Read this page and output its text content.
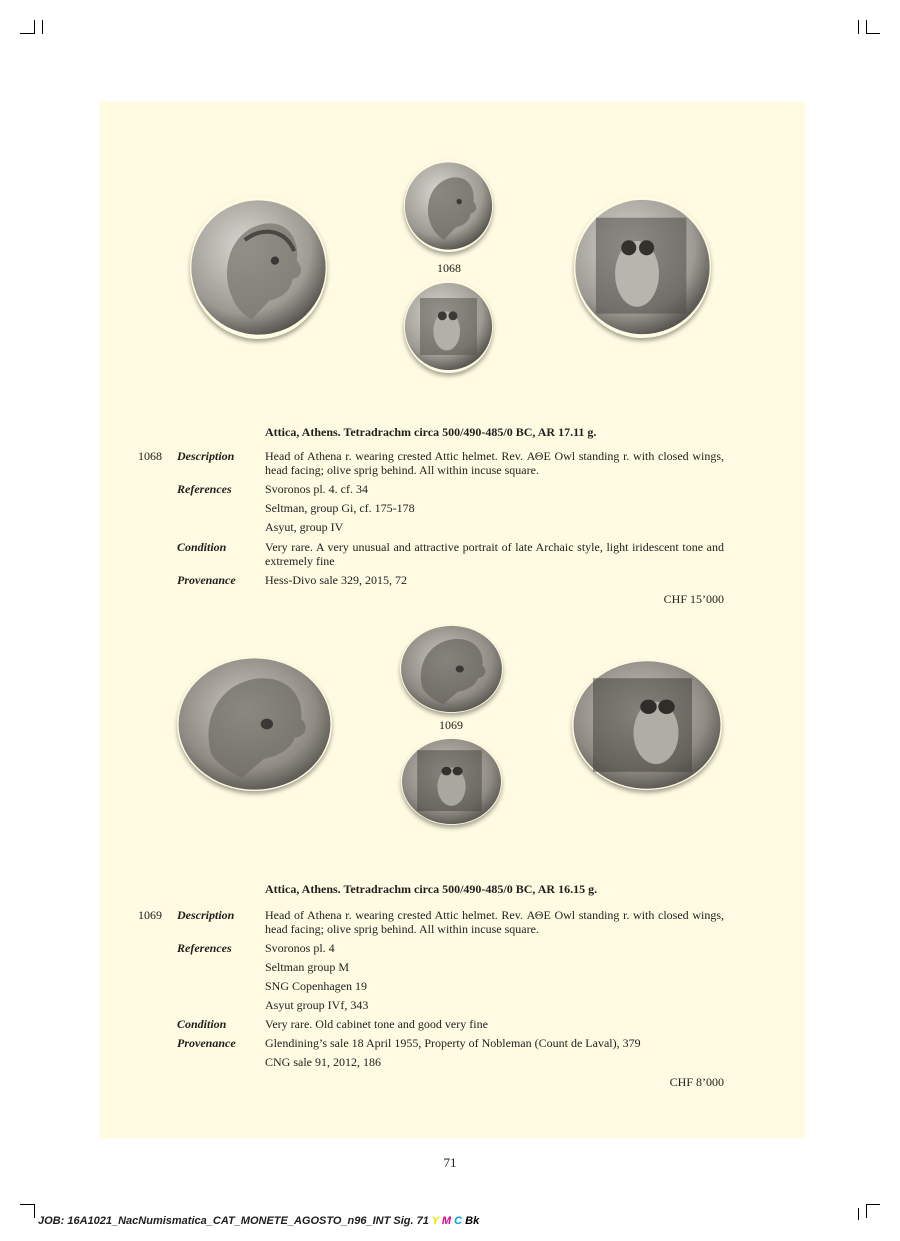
1068
Attica, Athens. Tetradrachm circa 500/490-485/0 BC, AR 17.11 g.
1068 Description	Head of Athena r. wearing crested Attic helmet. Rev. ΑΘΕ Owl standing r. with closed wings, head facing; olive sprig behind. All within incuse square.
References	Svoronos pl. 4. cf. 34
Seltman, group Gi, cf. 175-178
Asyut, group IV
Condition	Very rare. A very unusual and attractive portrait of late Archaic style, light iridescent tone and extremely fine
Provenance Hess-Divo sale 329, 2015, 72
CHF 15’000
1069
Attica, Athens. Tetradrachm circa 500/490-485/0 BC, AR 16.15 g.
1069 Description	Head of Athena r. wearing crested Attic helmet. Rev. ΑΘΕ Owl standing r. with closed wings, head facing; olive sprig behind. All within incuse square.
References	Svoronos pl. 4
Seltman group M
SNG Copenhagen 19
Asyut group IVf, 343
Condition	Very rare. Old cabinet tone and good very fine
Provenance Glendining’s sale 18 April 1955, Property of Nobleman (Count de Laval), 379
CNG sale 91, 2012, 186
CHF 8’000
71
JOB: 16A1021_NacNumismatica_CAT_MONETE_AGOSTO_n96_INT Sig. 71 Y M C Bk
